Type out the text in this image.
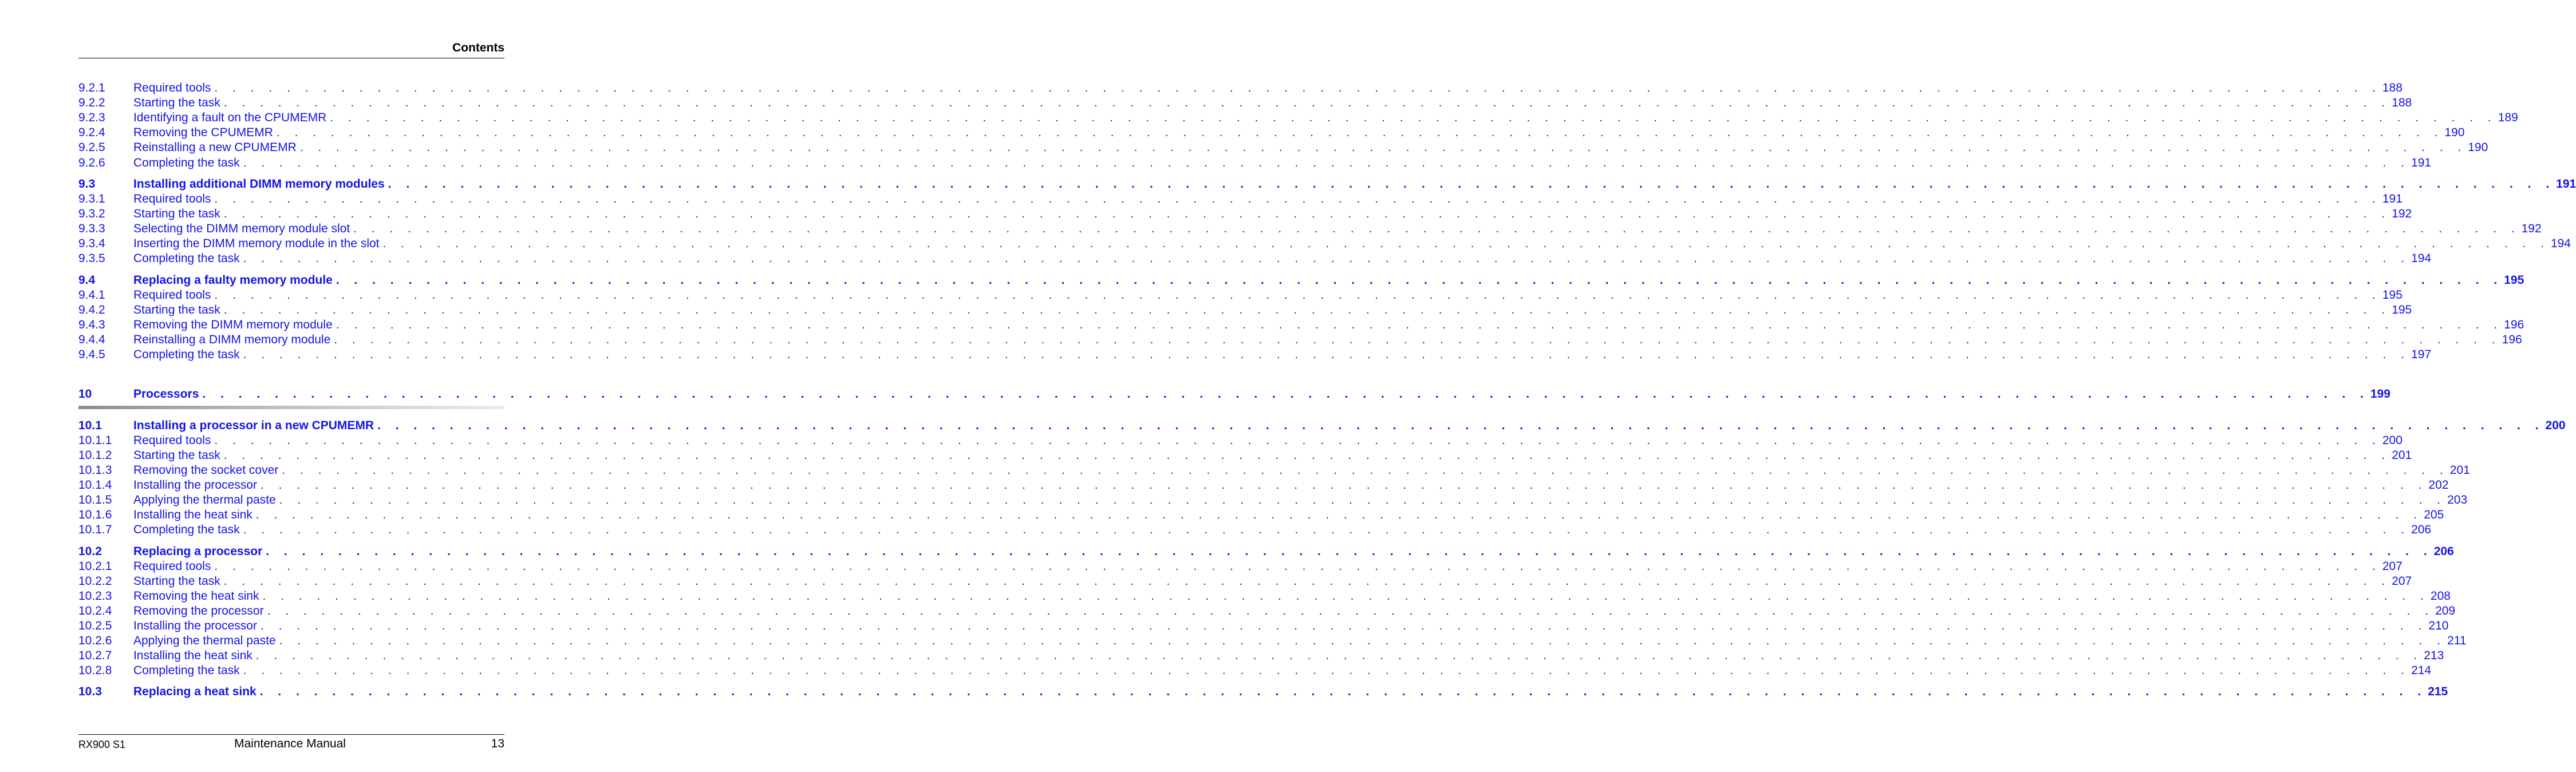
Contents
9.2.1 Required tools . . . . . . . . . . . . . . . . . . . . . . . . . . . . . . . . . . . . . . . . . . . . . . . . . . . . . . . . . . . . . . . . . . . . . . . . . . . . . . . . . . . . . . . . . . . . . . . . . . . . . . . . . . . . . . . . . . . . . . . . 188
9.2.2 Starting the task . . . . . . . . . . . . . . . . . . . . . . . . . . . . . . . . . . . . . . . . . . . . . . . . . . . . . . . . . . . . . . . . . . . . . . . . . . . . . . . . . . . . . . . . . . . . . . . . . . . . . . . . . . . . . . . . . . . . . . . . 188
9.2.3 Identifying a fault on the CPUMEMR . . . . . . . . . . . . . . . . . . . . . . . . . . . . . . . . . . . . . . . . . . . . . . . . . . . . . . . . . . . . . . . . . . . . . . . . . . . . . . . . . . . . . . . . . . . . . . . . . . . . . . . . . . . . . . . . . . . . . . . . 189
9.2.4 Removing the CPUMEMR . . . . . . . . . . . . . . . . . . . . . . . . . . . . . . . . . . . . . . . . . . . . . . . . . . . . . . . . . . . . . . . . . . . . . . . . . . . . . . . . . . . . . . . . . . . . . . . . . . . . . . . . . . . . . . . . . . . . . . . . 190
9.2.5 Reinstalling a new CPUMEMR . . . . . . . . . . . . . . . . . . . . . . . . . . . . . . . . . . . . . . . . . . . . . . . . . . . . . . . . . . . . . . . . . . . . . . . . . . . . . . . . . . . . . . . . . . . . . . . . . . . . . . . . . . . . . . . . . . . . . . . . 190
9.2.6 Completing the task . . . . . . . . . . . . . . . . . . . . . . . . . . . . . . . . . . . . . . . . . . . . . . . . . . . . . . . . . . . . . . . . . . . . . . . . . . . . . . . . . . . . . . . . . . . . . . . . . . . . . . . . . . . . . . . . . . . . . . . . 191
9.3	Installing additional DIMM memory modules . . . . . . . . . . . . . . . . . . . . . . . . . . . . . . . . . . . . . . . . . . . . . . . . . . . . . . . . . . . . . . . . . . . . . . . . . . . . . . . . . . . . . . . . . . . . . . . . . . . . . . . . . . . . . . . . . . . . . . . . 191
9.3.1 Required tools . . . . . . . . . . . . . . . . . . . . . . . . . . . . . . . . . . . . . . . . . . . . . . . . . . . . . . . . . . . . . . . . . . . . . . . . . . . . . . . . . . . . . . . . . . . . . . . . . . . . . . . . . . . . . . . . . . . . . . . . 191
9.3.2 Starting the task . . . . . . . . . . . . . . . . . . . . . . . . . . . . . . . . . . . . . . . . . . . . . . . . . . . . . . . . . . . . . . . . . . . . . . . . . . . . . . . . . . . . . . . . . . . . . . . . . . . . . . . . . . . . . . . . . . . . . . . . 192
9.3.3 Selecting the DIMM memory module slot . . . . . . . . . . . . . . . . . . . . . . . . . . . . . . . . . . . . . . . . . . . . . . . . . . . . . . . . . . . . . . . . . . . . . . . . . . . . . . . . . . . . . . . . . . . . . . . . . . . . . . . . . . . . . . . . . . . . . . . . 192
9.3.4 Inserting the DIMM memory module in the slot . . . . . . . . . . . . . . . . . . . . . . . . . . . . . . . . . . . . . . . . . . . . . . . . . . . . . . . . . . . . . . . . . . . . . . . . . . . . . . . . . . . . . . . . . . . . . . . . . . . . . . . . . . . . . . . . . . . . . . . . 194
9.3.5 Completing the task . . . . . . . . . . . . . . . . . . . . . . . . . . . . . . . . . . . . . . . . . . . . . . . . . . . . . . . . . . . . . . . . . . . . . . . . . . . . . . . . . . . . . . . . . . . . . . . . . . . . . . . . . . . . . . . . . . . . . . . . 194
9.4	Replacing a faulty memory module . . . . . . . . . . . . . . . . . . . . . . . . . . . . . . . . . . . . . . . . . . . . . . . . . . . . . . . . . . . . . . . . . . . . . . . . . . . . . . . . . . . . . . . . . . . . . . . . . . . . . . . . . . . . . . . . . . . . . . . . 195
9.4.1 Required tools . . . . . . . . . . . . . . . . . . . . . . . . . . . . . . . . . . . . . . . . . . . . . . . . . . . . . . . . . . . . . . . . . . . . . . . . . . . . . . . . . . . . . . . . . . . . . . . . . . . . . . . . . . . . . . . . . . . . . . . . 195
9.4.2 Starting the task . . . . . . . . . . . . . . . . . . . . . . . . . . . . . . . . . . . . . . . . . . . . . . . . . . . . . . . . . . . . . . . . . . . . . . . . . . . . . . . . . . . . . . . . . . . . . . . . . . . . . . . . . . . . . . . . . . . . . . . . 195
9.4.3 Removing the DIMM memory module . . . . . . . . . . . . . . . . . . . . . . . . . . . . . . . . . . . . . . . . . . . . . . . . . . . . . . . . . . . . . . . . . . . . . . . . . . . . . . . . . . . . . . . . . . . . . . . . . . . . . . . . . . . . . . . . . . . . . . . . 196
9.4.4 Reinstalling a DIMM memory module . . . . . . . . . . . . . . . . . . . . . . . . . . . . . . . . . . . . . . . . . . . . . . . . . . . . . . . . . . . . . . . . . . . . . . . . . . . . . . . . . . . . . . . . . . . . . . . . . . . . . . . . . . . . . . . . . . . . . . . . 196
9.4.5 Completing the task . . . . . . . . . . . . . . . . . . . . . . . . . . . . . . . . . . . . . . . . . . . . . . . . . . . . . . . . . . . . . . . . . . . . . . . . . . . . . . . . . . . . . . . . . . . . . . . . . . . . . . . . . . . . . . . . . . . . . . . . 197
10	Processors . . . . . . . . . . . . . . . . . . . . . . . . . . . . . . . . . . . . . . . . . . . . . . . . . . . . . . . . . . . . . . . . . . . . . . . . . . . . . . . . . . . . . . . . . . . . . . . . . . . . . . . . . . . . . . . . . . . . . . . . 199
10.1	Installing a processor in a new CPUMEMR . . . . . . . . . . . . . . . . . . . . . . . . . . . . . . . . . . . . . . . . . . . . . . . . . . . . . . . . . . . . . . . . . . . . . . . . . . . . . . . . . . . . . . . . . . . . . . . . . . . . . . . . . . . . . . . . . . . . . . . . 200
10.1.1 Required tools . . . . . . . . . . . . . . . . . . . . . . . . . . . . . . . . . . . . . . . . . . . . . . . . . . . . . . . . . . . . . . . . . . . . . . . . . . . . . . . . . . . . . . . . . . . . . . . . . . . . . . . . . . . . . . . . . . . . . . . . 200
10.1.2 Starting the task . . . . . . . . . . . . . . . . . . . . . . . . . . . . . . . . . . . . . . . . . . . . . . . . . . . . . . . . . . . . . . . . . . . . . . . . . . . . . . . . . . . . . . . . . . . . . . . . . . . . . . . . . . . . . . . . . . . . . . . . 201
10.1.3 Removing the socket cover . . . . . . . . . . . . . . . . . . . . . . . . . . . . . . . . . . . . . . . . . . . . . . . . . . . . . . . . . . . . . . . . . . . . . . . . . . . . . . . . . . . . . . . . . . . . . . . . . . . . . . . . . . . . . . . . . . . . . . . . 201
10.1.4 Installing the processor . . . . . . . . . . . . . . . . . . . . . . . . . . . . . . . . . . . . . . . . . . . . . . . . . . . . . . . . . . . . . . . . . . . . . . . . . . . . . . . . . . . . . . . . . . . . . . . . . . . . . . . . . . . . . . . . . . . . . . . . 202
10.1.5 Applying the thermal paste . . . . . . . . . . . . . . . . . . . . . . . . . . . . . . . . . . . . . . . . . . . . . . . . . . . . . . . . . . . . . . . . . . . . . . . . . . . . . . . . . . . . . . . . . . . . . . . . . . . . . . . . . . . . . . . . . . . . . . . . 203
10.1.6 Installing the heat sink . . . . . . . . . . . . . . . . . . . . . . . . . . . . . . . . . . . . . . . . . . . . . . . . . . . . . . . . . . . . . . . . . . . . . . . . . . . . . . . . . . . . . . . . . . . . . . . . . . . . . . . . . . . . . . . . . . . . . . . . 205
10.1.7 Completing the task . . . . . . . . . . . . . . . . . . . . . . . . . . . . . . . . . . . . . . . . . . . . . . . . . . . . . . . . . . . . . . . . . . . . . . . . . . . . . . . . . . . . . . . . . . . . . . . . . . . . . . . . . . . . . . . . . . . . . . . . 206
10.2	Replacing a processor . . . . . . . . . . . . . . . . . . . . . . . . . . . . . . . . . . . . . . . . . . . . . . . . . . . . . . . . . . . . . . . . . . . . . . . . . . . . . . . . . . . . . . . . . . . . . . . . . . . . . . . . . . . . . . . . . . . . . . . . 206
10.2.1 Required tools . . . . . . . . . . . . . . . . . . . . . . . . . . . . . . . . . . . . . . . . . . . . . . . . . . . . . . . . . . . . . . . . . . . . . . . . . . . . . . . . . . . . . . . . . . . . . . . . . . . . . . . . . . . . . . . . . . . . . . . . 207
10.2.2 Starting the task . . . . . . . . . . . . . . . . . . . . . . . . . . . . . . . . . . . . . . . . . . . . . . . . . . . . . . . . . . . . . . . . . . . . . . . . . . . . . . . . . . . . . . . . . . . . . . . . . . . . . . . . . . . . . . . . . . . . . . . . 207
10.2.3 Removing the heat sink . . . . . . . . . . . . . . . . . . . . . . . . . . . . . . . . . . . . . . . . . . . . . . . . . . . . . . . . . . . . . . . . . . . . . . . . . . . . . . . . . . . . . . . . . . . . . . . . . . . . . . . . . . . . . . . . . . . . . . . . 208
10.2.4 Removing the processor . . . . . . . . . . . . . . . . . . . . . . . . . . . . . . . . . . . . . . . . . . . . . . . . . . . . . . . . . . . . . . . . . . . . . . . . . . . . . . . . . . . . . . . . . . . . . . . . . . . . . . . . . . . . . . . . . . . . . . . . 209
10.2.5 Installing the processor . . . . . . . . . . . . . . . . . . . . . . . . . . . . . . . . . . . . . . . . . . . . . . . . . . . . . . . . . . . . . . . . . . . . . . . . . . . . . . . . . . . . . . . . . . . . . . . . . . . . . . . . . . . . . . . . . . . . . . . . 210
10.2.6 Applying the thermal paste . . . . . . . . . . . . . . . . . . . . . . . . . . . . . . . . . . . . . . . . . . . . . . . . . . . . . . . . . . . . . . . . . . . . . . . . . . . . . . . . . . . . . . . . . . . . . . . . . . . . . . . . . . . . . . . . . . . . . . . . 211
10.2.7 Installing the heat sink . . . . . . . . . . . . . . . . . . . . . . . . . . . . . . . . . . . . . . . . . . . . . . . . . . . . . . . . . . . . . . . . . . . . . . . . . . . . . . . . . . . . . . . . . . . . . . . . . . . . . . . . . . . . . . . . . . . . . . . . 213
10.2.8 Completing the task . . . . . . . . . . . . . . . . . . . . . . . . . . . . . . . . . . . . . . . . . . . . . . . . . . . . . . . . . . . . . . . . . . . . . . . . . . . . . . . . . . . . . . . . . . . . . . . . . . . . . . . . . . . . . . . . . . . . . . . . 214
10.3	Replacing a heat sink . . . . . . . . . . . . . . . . . . . . . . . . . . . . . . . . . . . . . . . . . . . . . . . . . . . . . . . . . . . . . . . . . . . . . . . . . . . . . . . . . . . . . . . . . . . . . . . . . . . . . . . . . . . . . . . . . . . . . . . . 215
RX900 S1	Maintenance Manual	13
